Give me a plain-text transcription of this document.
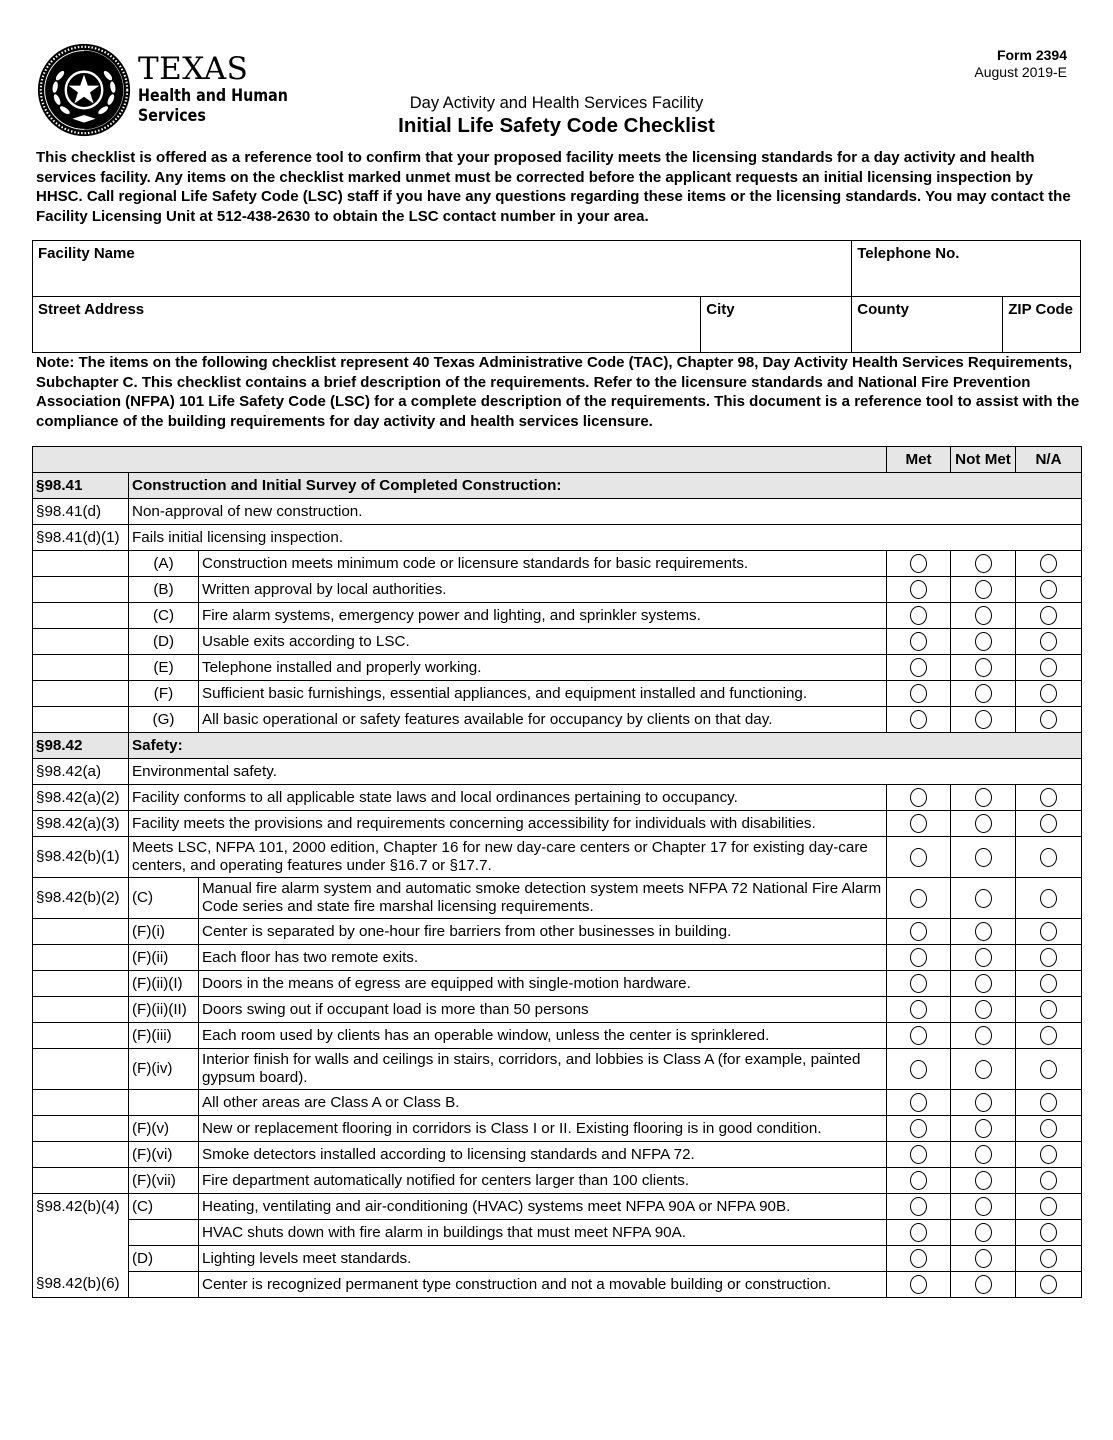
TEXAS
Health and Human
Services
Form 2394
August 2019-E
Day Activity and Health Services Facility
Initial Life Safety Code Checklist
This checklist is offered as a reference tool to confirm that your proposed facility meets the licensing standards for a day activity and health services facility. Any items on the checklist marked unmet must be corrected before the applicant requests an initial licensing inspection by HHSC. Call regional Life Safety Code (LSC) staff if you have any questions regarding these items or the licensing standards. You may contact the Facility Licensing Unit at 512-438-2630 to obtain the LSC contact number in your area.
Facility Name		Telephone No.	

Street Address	City	County	ZIP Code
Note: The items on the following checklist represent 40 Texas Administrative Code (TAC), Chapter 98, Day Activity Health Services Requirements, Subchapter C. This checklist contains a brief description of the requirements. Refer to the licensure standards and National Fire Prevention Association (NFPA) 101 Life Safety Code (LSC) for a complete description of the requirements. This document is a reference tool to assist with the compliance of the building requirements for day activity and health services licensure.
			Met	Not Met	N/A
§98.41	Construction and Initial Survey of Completed Construction:				
§98.41(d)	Non-approval of new construction.				
§98.41(d)(1)	Fails initial licensing inspection.				
	(A)	Construction meets minimum code or licensure standards for basic requirements.			
	(B)	Written approval by local authorities.			
	(C)	Fire alarm systems, emergency power and lighting, and sprinkler systems.			
	(D)	Usable exits according to LSC.			
	(E)	Telephone installed and properly working.			
	(F)	Sufficient basic furnishings, essential appliances, and equipment installed and functioning.			
	(G)	All basic operational or safety features available for occupancy by clients on that day.			
§98.42	Safety:				
§98.42(a)	Environmental safety.				
§98.42(a)(2)	Facility conforms to all applicable state laws and local ordinances pertaining to occupancy.				
§98.42(a)(3)	Facility meets the provisions and requirements concerning accessibility for individuals with disabilities.				
§98.42(b)(1)	Meets LSC, NFPA 101, 2000 edition, Chapter 16 for new day-care centers or Chapter 17 for existing day-care centers, and operating features under §16.7 or §17.7.				
§98.42(b)(2)	(C)	Manual fire alarm system and automatic smoke detection system meets NFPA 72 National Fire Alarm Code series and state fire marshal licensing requirements.			
	(F)(i)	Center is separated by one-hour fire barriers from other businesses in building.			
	(F)(ii)	Each floor has two remote exits.			
	(F)(ii)(I)	Doors in the means of egress are equipped with single-motion hardware.			
	(F)(ii)(II)	Doors swing out if occupant load is more than 50 persons			
	(F)(iii)	Each room used by clients has an operable window, unless the center is sprinklered.			
	(F)(iv)	Interior finish for walls and ceilings in stairs, corridors, and lobbies is Class A (for example, painted gypsum board).			
		All other areas are Class A or Class B.			
	(F)(v)	New or replacement flooring in corridors is Class I or II. Existing flooring is in good condition.			
	(F)(vi)	Smoke detectors installed according to licensing standards and NFPA 72.			
	(F)(vii)	Fire department automatically notified for centers larger than 100 clients.			
§98.42(b)(4)	(C)	Heating, ventilating and air-conditioning (HVAC) systems meet NFPA 90A or NFPA 90B.			
		HVAC shuts down with fire alarm in buildings that must meet NFPA 90A.			
	(D)	Lighting levels meet standards.			
§98.42(b)(6)		Center is recognized permanent type construction and not a movable building or construction.			
